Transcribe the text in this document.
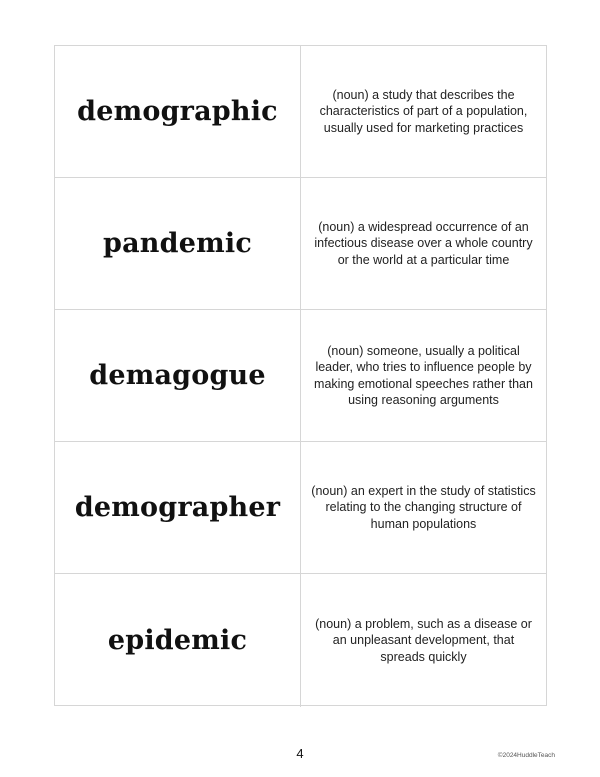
demographic
(noun) a study that describes the characteristics of part of a population, usually used for marketing practices
pandemic
(noun) a widespread occurrence of an infectious disease over a whole country or the world at a particular time
demagogue
(noun) someone, usually a political leader, who tries to influence people by making emotional speeches rather than using reasoning arguments
demographer
(noun) an expert in the study of statistics relating to the changing structure of human populations
epidemic
(noun) a problem, such as a disease or an unpleasant development, that spreads quickly
4	©2024HuddleTeach
